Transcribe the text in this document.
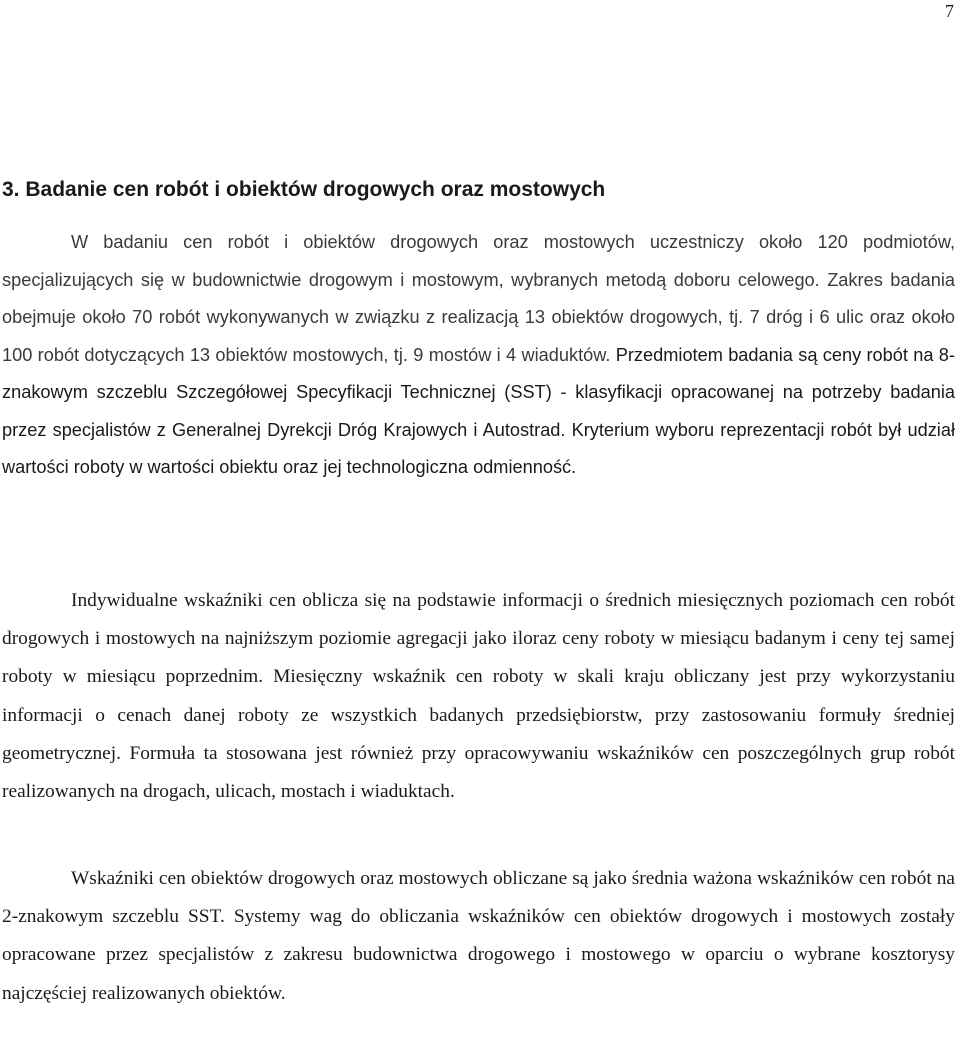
7
3. Badanie cen robót i obiektów drogowych oraz mostowych

W badaniu cen robót i obiektów drogowych oraz mostowych uczestniczy około 120 podmiotów, specjalizujących się w budownictwie drogowym i mostowym, wybranych metodą doboru celowego. Zakres badania obejmuje około 70 robót wykonywanych w związku z realizacją 13 obiektów drogowych, tj. 7 dróg i 6 ulic oraz około 100 robót dotyczących 13 obiektów mostowych, tj. 9 mostów i 4 wiaduktów. Przedmiotem badania są ceny robót na 8-znakowym szczeblu Szczegółowej Specyfikacji Technicznej (SST) - klasyfikacji opracowanej na potrzeby badania przez specjalistów z Generalnej Dyrekcji Dróg Krajowych i Autostrad. Kryterium wyboru reprezentacji robót był udział wartości roboty w wartości obiektu oraz jej technologiczna odmienność.

Indywidualne wskaźniki cen oblicza się na podstawie informacji o średnich miesięcznych poziomach cen robót drogowych i mostowych na najniższym poziomie agregacji jako iloraz ceny roboty w miesiącu badanym i ceny tej samej roboty w miesiącu poprzednim. Miesięczny wskaźnik cen roboty w skali kraju obliczany jest przy wykorzystaniu informacji o cenach danej roboty ze wszystkich badanych przedsiębiorstw, przy zastosowaniu formuły średniej geometrycznej. Formuła ta stosowana jest również przy opracowywaniu wskaźników cen poszczególnych grup robót realizowanych na drogach, ulicach, mostach i wiaduktach.

Wskaźniki cen obiektów drogowych oraz mostowych obliczane są jako średnia ważona wskaźników cen robót na 2-znakowym szczeblu SST. Systemy wag do obliczania wskaźników cen obiektów drogowych i mostowych zostały opracowane przez specjalistów z zakresu budownictwa drogowego i mostowego w oparciu o wybrane kosztorysy najczęściej realizowanych obiektów.
